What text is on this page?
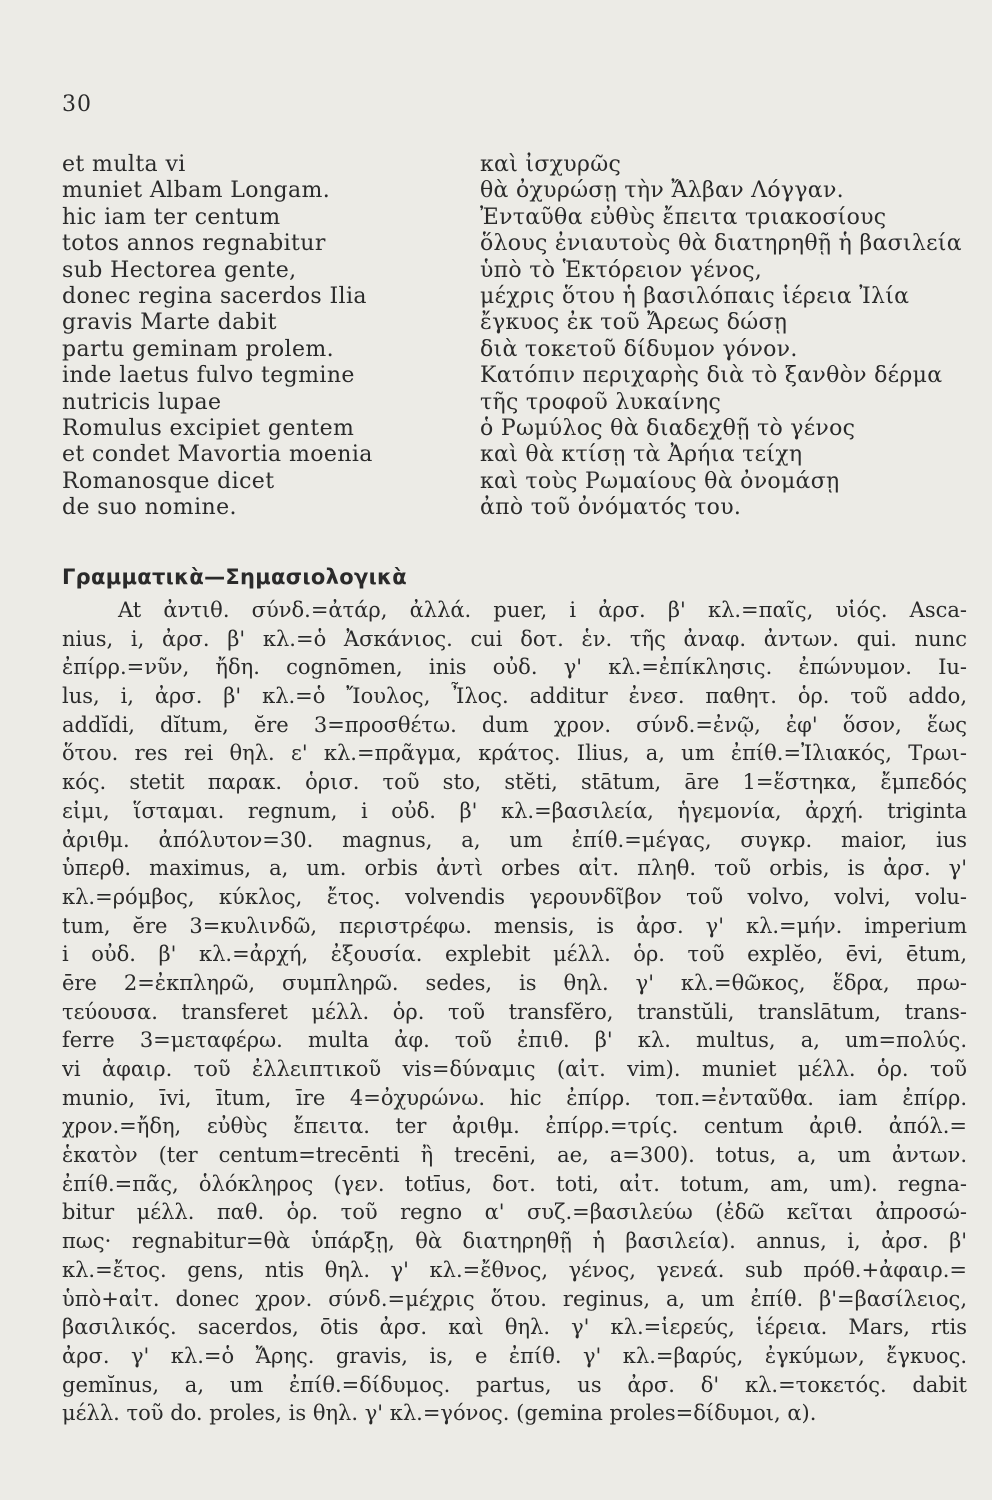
30
et multa vi	καὶ ἰσχυρῶς
muniet Albam Longam.	θὰ ὀχυρώσῃ τὴν Ἄλβαν Λόγγαν.
hic iam ter centum	Ἐνταῦθα εὐθὺς ἔπειτα τριακοσίους
totos annos regnabitur	ὅλους ἐνιαυτοὺς θὰ διατηρηθῇ ἡ βασιλεία
sub Hectorea gente,	ὑπὸ τὸ Ἑκτόρειον γένος,
donec regina sacerdos Ilia	μέχρις ὅτου ἡ βασιλόπαις ἱέρεια Ἰλία
gravis Marte dabit	ἔγκυος ἐκ τοῦ Ἄρεως δώσῃ
partu geminam prolem.	διὰ τοκετοῦ δίδυμον γόνον.
inde laetus fulvo tegmine	Κατόπιν περιχαρὴς διὰ τὸ ξανθὸν δέρμα
nutricis lupae	τῆς τροφοῦ λυκαίνης
Romulus excipiet gentem	ὁ Ρωμύλος θὰ διαδεχθῇ τὸ γένος
et condet Mavortia moenia	καὶ θὰ κτίσῃ τὰ Ἀρήια τείχη
Romanosque dicet	καὶ τοὺς Ρωμαίους θὰ ὀνομάσῃ
de suo nomine.	ἀπὸ τοῦ ὀνόματός του.
Γραμματικὰ—Σημασιολογικὰ
At ἀντιθ. σύνδ.=ἀτάρ, ἀλλά. puer, i ἀρσ. β' κλ.=παῖς, υἱός. Asca-
nius, i, ἀρσ. β' κλ.=ὁ Ἀσκάνιος. cui δοτ. ἑν. τῆς ἀναφ. ἀντων. qui. nunc
ἐπίρρ.=νῦν, ἤδη. cognōmen, inis οὐδ. γ' κλ.=ἐπίκλησις. ἐπώνυμον. Iu-
lus, i, ἀρσ. β' κλ.=ὁ Ἴουλος, Ἶλος. additur ἐνεσ. παθητ. ὁρ. τοῦ addo,
addĭdi, dĭtum, ĕre 3=προσθέτω. dum χρον. σύνδ.=ἐνῷ, ἐφ' ὅσον, ἕως
ὅτου. res rei θηλ. ε' κλ.=πρᾶγμα, κράτος. Ilius, a, um ἐπίθ.=Ἰλιακός, Τρωι-
κός. stetit παρακ. ὁρισ. τοῦ sto, stĕti, stātum, āre 1=ἕστηκα, ἔμπεδός
εἰμι, ἵσταμαι. regnum, i οὐδ. β' κλ.=βασιλεία, ἡγεμονία, ἀρχή. triginta
ἀριθμ. ἀπόλυτον=30. magnus, a, um ἐπίθ.=μέγας, συγκρ. maior, ius
ὑπερθ. maximus, a, um. orbis ἀντὶ orbes αἰτ. πληθ. τοῦ orbis, is ἀρσ. γ'
κλ.=ρόμβος, κύκλος, ἔτος. volvendis γερουνδῖβον τοῦ volvo, volvi, volu-
tum, ĕre 3=κυλινδῶ, περιστρέφω. mensis, is ἀρσ. γ' κλ.=μήν. imperium
i οὐδ. β' κλ.=ἀρχή, ἐξουσία. explebit μέλλ. ὁρ. τοῦ explĕo, ēvi, ētum,
ēre 2=ἐκπληρῶ, συμπληρῶ. sedes, is θηλ. γ' κλ.=θῶκος, ἕδρα, πρω-
τεύουσα. transferet μέλλ. ὁρ. τοῦ transfĕro, transtŭli, translātum, trans-
ferre 3=μεταφέρω. multa ἀφ. τοῦ ἐπιθ. β' κλ. multus, a, um=πολύς.
vi ἀφαιρ. τοῦ ἐλλειπτικοῦ vis=δύναμις (αἰτ. vim). muniet μέλλ. ὁρ. τοῦ
munio, īvi, ītum, īre 4=ὀχυρώνω. hic ἐπίρρ. τοπ.=ἐνταῦθα. iam ἐπίρρ.
χρον.=ἤδη, εὐθὺς ἔπειτα. ter ἀριθμ. ἐπίρρ.=τρίς. centum ἀριθ. ἀπόλ.=
ἑκατὸν (ter centum=trecēnti ἢ trecēni, ae, a=300). totus, a, um ἀντων.
ἐπίθ.=πᾶς, ὁλόκληρος (γεν. totīus, δοτ. toti, αἰτ. totum, am, um). regna-
bitur μέλλ. παθ. ὁρ. τοῦ regno α' συζ.=βασιλεύω (ἐδῶ κεῖται ἀπροσώ-
πως· regnabitur=θὰ ὑπάρξῃ, θὰ διατηρηθῇ ἡ βασιλεία). annus, i, ἀρσ. β'
κλ.=ἔτος. gens, ntis θηλ. γ' κλ.=ἔθνος, γένος, γενεά. sub πρόθ.+ἀφαιρ.=
ὑπὸ+αἰτ. donec χρον. σύνδ.=μέχρις ὅτου. reginus, a, um ἐπίθ. β'=βασίλειος,
βασιλικός. sacerdos, ōtis ἀρσ. καὶ θηλ. γ' κλ.=ἱερεύς, ἱέρεια. Mars, rtis
ἀρσ. γ' κλ.=ὁ Ἄρης. gravis, is, e ἐπίθ. γ' κλ.=βαρύς, ἐγκύμων, ἔγκυος.
gemĭnus, a, um ἐπίθ.=δίδυμος. partus, us ἀρσ. δ' κλ.=τοκετός. dabit
μέλλ. τοῦ do. proles, is θηλ. γ' κλ.=γόνος. (gemina proles=δίδυμοι, α).
